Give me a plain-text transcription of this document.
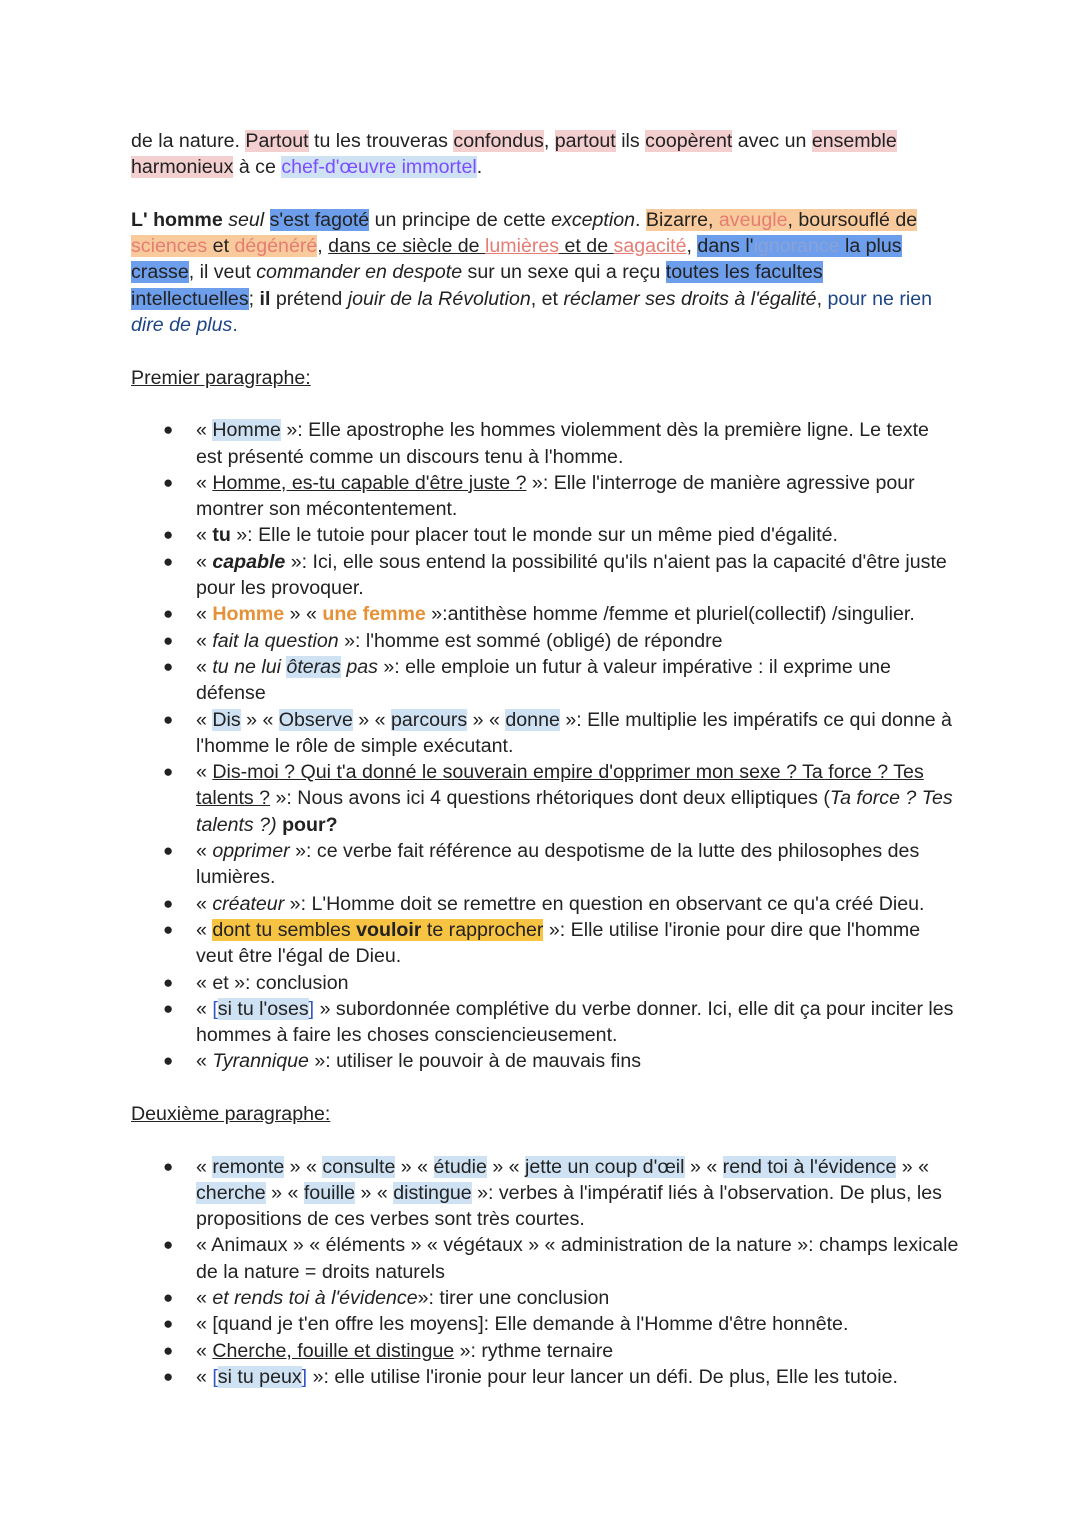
de la nature. Partout tu les trouveras confondus, partout ils coopèrent avec un ensemble
harmonieux à ce chef-d'œuvre immortel.

L' homme seul s'est fagoté un principe de cette exception. Bizarre, aveugle, boursouflé de
sciences et dégénéré, dans ce siècle de lumières et de sagacité, dans l'ignorance la plus
crasse, il veut commander en despote sur un sexe qui a reçu toutes les facultes
intellectuelles; il prétend jouir de la Révolution, et réclamer ses droits à l'égalité, pour ne rien
dire de plus.

Premier paragraphe:

● « Homme »: Elle apostrophe les hommes violemment dès la première ligne. Le texte est présenté comme un discours tenu à l'homme.
● « Homme, es-tu capable d'être juste ? »: Elle l'interroge de manière agressive pour montrer son mécontentement.
● « tu »: Elle le tutoie pour placer tout le monde sur un même pied d'égalité.
● « capable »: Ici, elle sous entend la possibilité qu'ils n'aient pas la capacité d'être juste pour les provoquer.
● « Homme » « une femme »:antithèse homme /femme et pluriel(collectif) /singulier.
● « fait la question »: l'homme est sommé (obligé) de répondre
● « tu ne lui ôteras pas »: elle emploie un futur à valeur impérative : il exprime une défense
● « Dis » « Observe » « parcours » « donne »: Elle multiplie les impératifs ce qui donne à l'homme le rôle de simple exécutant.
● « Dis-moi ? Qui t'a donné le souverain empire d'opprimer mon sexe ? Ta force ? Tes talents ? »: Nous avons ici 4 questions rhétoriques dont deux elliptiques (Ta force ? Tes talents ?) pour?
● « opprimer »: ce verbe fait référence au despotisme de la lutte des philosophes des lumières.
● « créateur »: L'Homme doit se remettre en question en observant ce qu'a créé Dieu.
● « dont tu sembles vouloir te rapprocher »: Elle utilise l'ironie pour dire que l'homme veut être l'égal de Dieu.
● « et »: conclusion
● « [si tu l'oses] » subordonnée complétive du verbe donner. Ici, elle dit ça pour inciter les hommes à faire les choses consciencieusement.
● « Tyrannique »: utiliser le pouvoir à de mauvais fins

Deuxième paragraphe:

● « remonte » « consulte » « étudie » « jette un coup d'œil » « rend toi à l'évidence » « cherche » « fouille » « distingue »: verbes à l'impératif liés à l'observation. De plus, les propositions de ces verbes sont très courtes.
● « Animaux » « éléments » « végétaux » « administration de la nature »: champs lexicale de la nature = droits naturels
● « et rends toi à l'évidence»: tirer une conclusion
● « [quand je t'en offre les moyens]: Elle demande à l'Homme d'être honnête.
● « Cherche, fouille et distingue »: rythme ternaire
● « [si tu peux] »: elle utilise l'ironie pour leur lancer un défi. De plus, Elle les tutoie.
